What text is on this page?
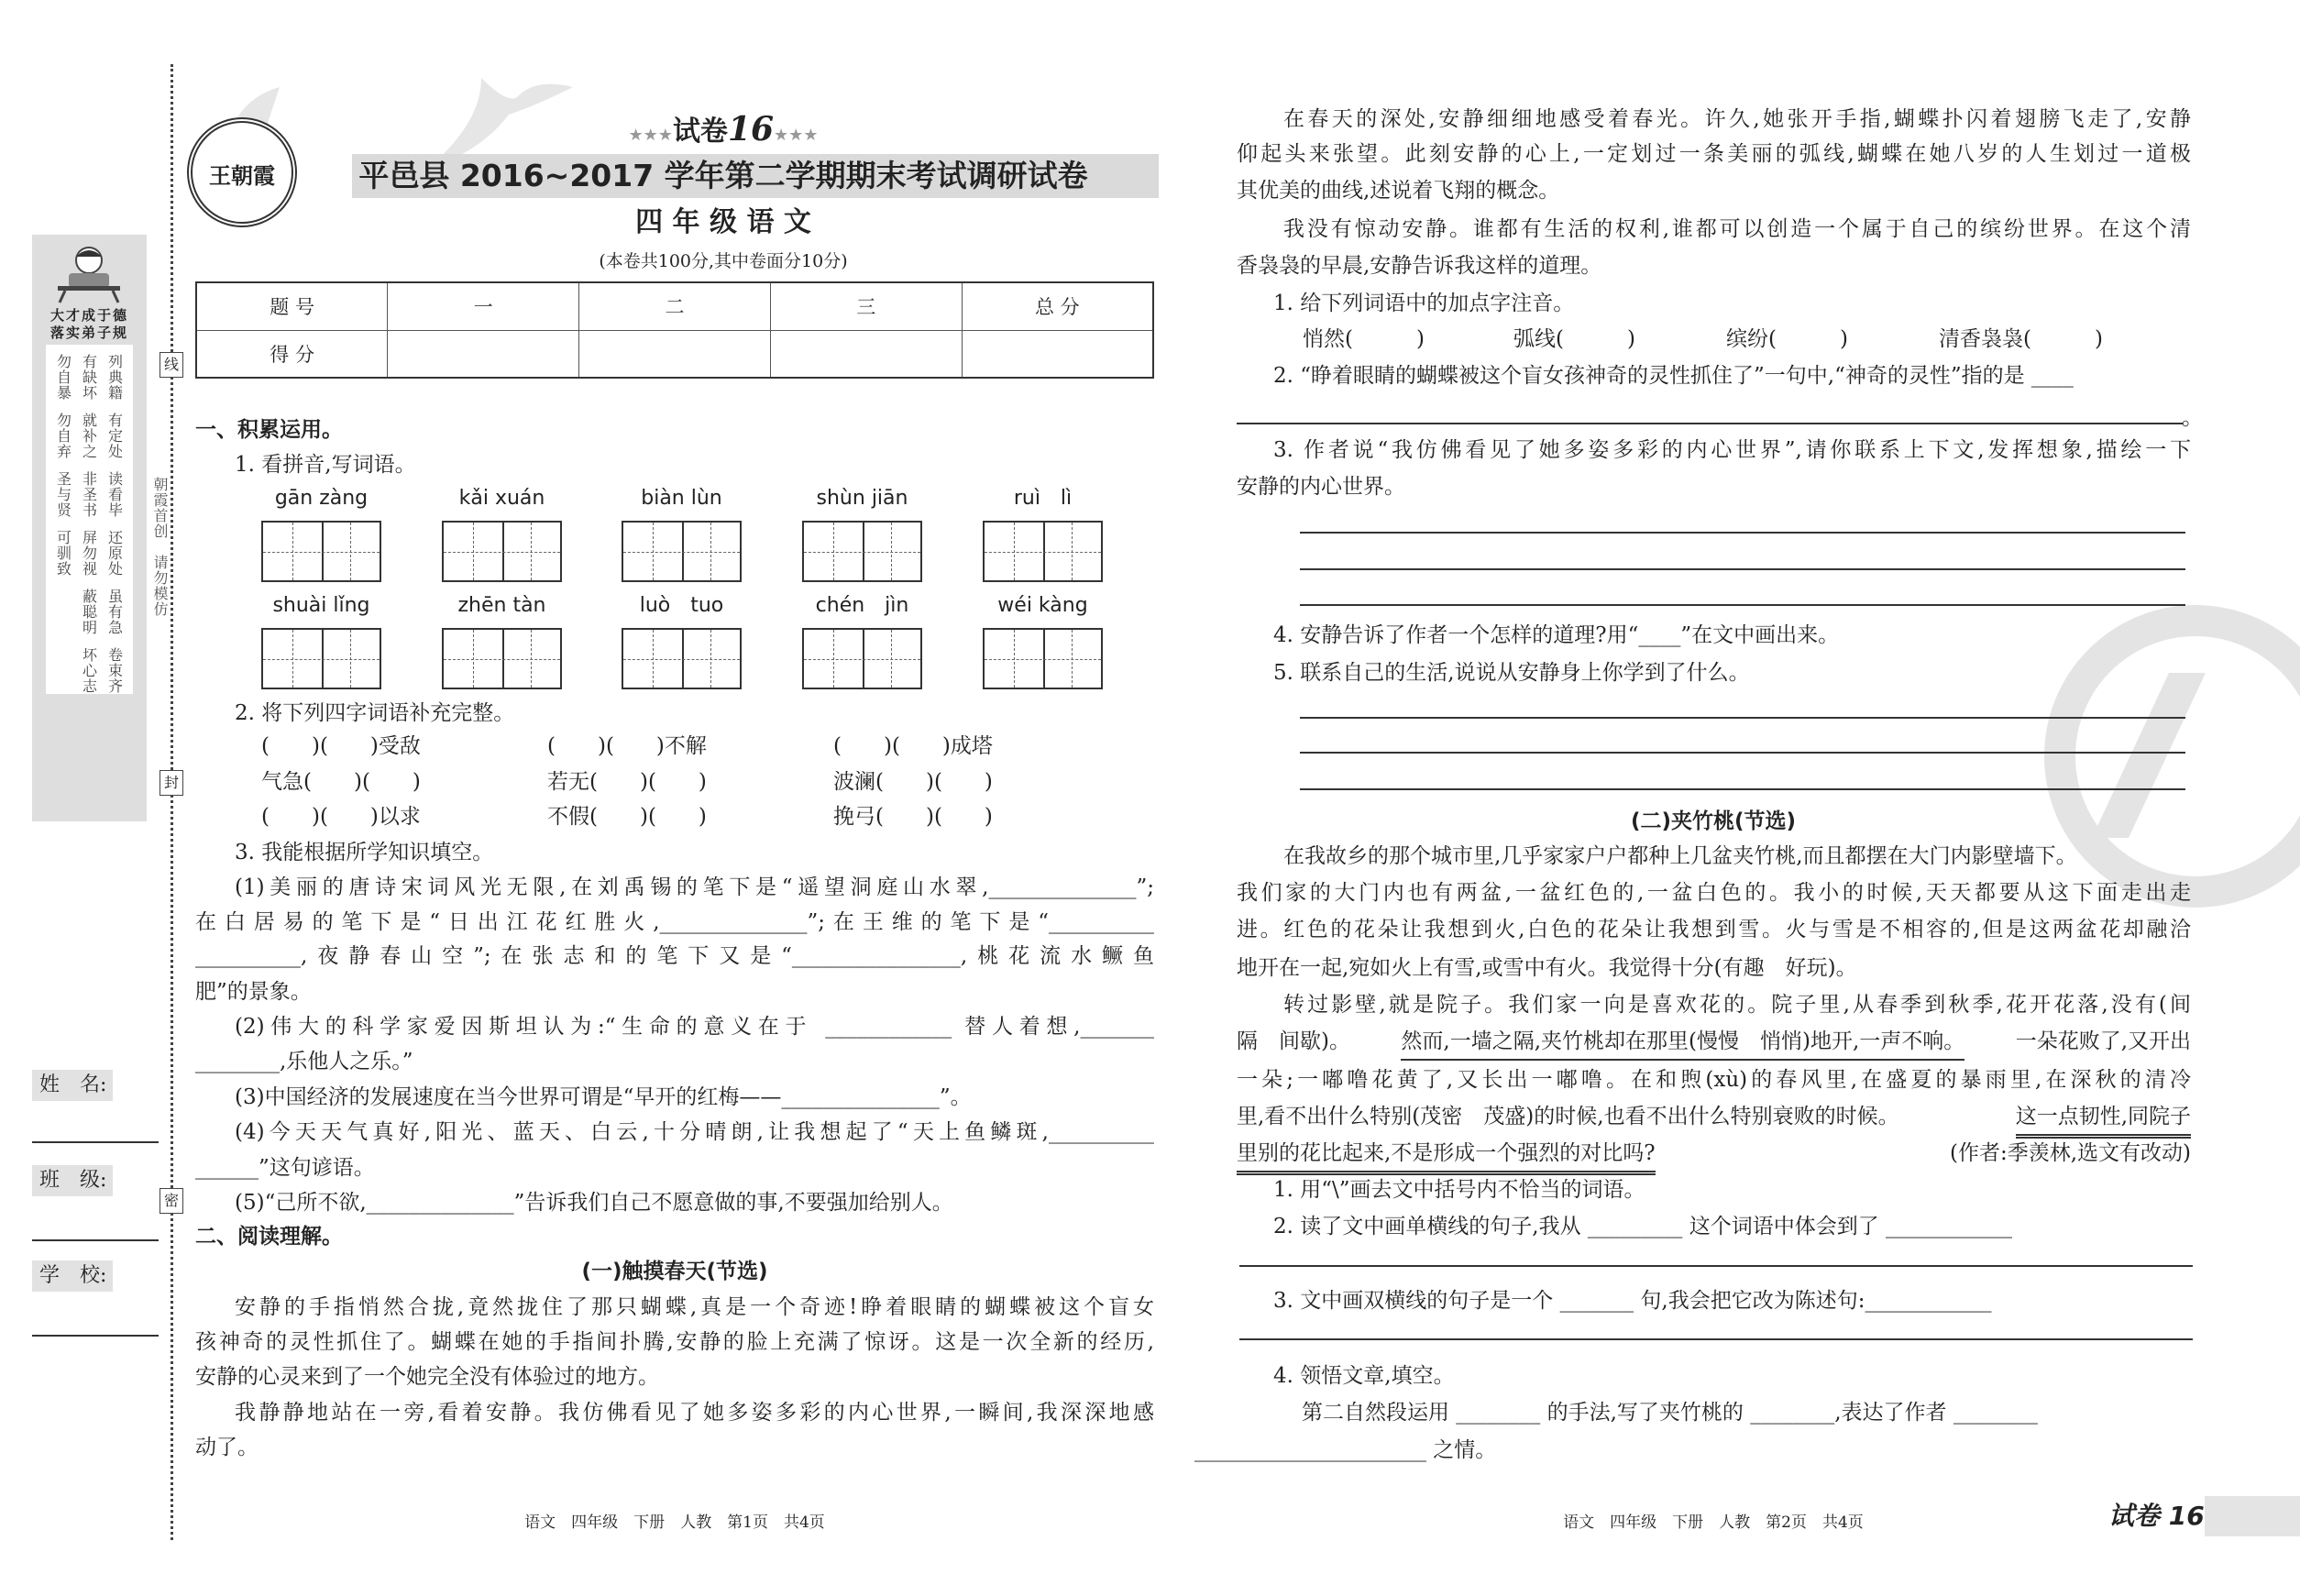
线
封
密
朝霞首创　请勿模仿
大才成于德
落实弟子规
勿自暴
勿自弃
圣与贤
可驯致
有缺坏
就补之
非圣书
屏勿视
蔽聪明
坏心志
列典籍
有定处
读看毕
还原处
虽有急
卷束齐
姓　名:
班　级:
学　校:
王朝霞
★★★试卷16★★★
平邑县 2016~2017 学年第二学期期末考试调研试卷
四 年 级 语 文
(本卷共100分,其中卷面分10分)
题 号	一	二	三	总 分
得 分				
一、积累运用。
1. 看拼音,写词语。
gān zàng	kǎi xuán	biàn lùn	shùn jiān	ruì　lì
shuài lǐng	zhēn tàn	luò　tuo	chén　jìn	wéi kàng
2. 将下列四字词语补充完整。
(　　)(　　)受敌	(　　)(　　)不解	(　　)(　　)成塔
气急(　　)(　　)	若无(　　)(　　)	波澜(　　)(　　)
(　　)(　　)以求	不假(　　)(　　)	挽弓(　　)(　　)
3. 我能根据所学知识填空。
(1)美丽的唐诗宋词风光无限,在刘禹锡的笔下是“遥望洞庭山水翠,______________”;
在白居易的笔下是“日出江花红胜火,______________”;在王维的笔下是“__________
__________,夜静春山空”;在张志和的笔下又是“________________,桃花流水鳜鱼
肥”的景象。
(2)伟大的科学家爱因斯坦认为:“生命的意义在于 ____________ 替人着想,_______
________,乐他人之乐。”
(3)中国经济的发展速度在当今世界可谓是“早开的红梅——_______________”。
(4)今天天气真好,阳光、蓝天、白云,十分晴朗,让我想起了“天上鱼鳞斑,__________
______”这句谚语。
(5)“己所不欲,______________”告诉我们自己不愿意做的事,不要强加给别人。
二、阅读理解。
(一)触摸春天(节选)
安静的手指悄然合拢,竟然拢住了那只蝴蝶,真是一个奇迹!睁着眼睛的蝴蝶被这个盲女
孩神奇的灵性抓住了。蝴蝶在她的手指间扑腾,安静的脸上充满了惊讶。这是一次全新的经历,
安静的心灵来到了一个她完全没有体验过的地方。
我静静地站在一旁,看着安静。我仿佛看见了她多姿多彩的内心世界,一瞬间,我深深地感
动了。
语文　四年级　下册　人教　第1页　共4页
在春天的深处,安静细细地感受着春光。许久,她张开手指,蝴蝶扑闪着翅膀飞走了,安静
仰起头来张望。此刻安静的心上,一定划过一条美丽的弧线,蝴蝶在她八岁的人生划过一道极
其优美的曲线,述说着飞翔的概念。
我没有惊动安静。谁都有生活的权利,谁都可以创造一个属于自己的缤纷世界。在这个清
香袅袅的早晨,安静告诉我这样的道理。
1. 给下列词语中的加点字注音。
悄然(　　　)	弧线(　　　)	缤纷(　　　)	清香袅袅(　　　)
2. “睁着眼睛的蝴蝶被这个盲女孩神奇的灵性抓住了”一句中,“神奇的灵性”指的是 ____
。
3. 作者说“我仿佛看见了她多姿多彩的内心世界”,请你联系上下文,发挥想象,描绘一下
安静的内心世界。
4. 安静告诉了作者一个怎样的道理?用“____”在文中画出来。
5. 联系自己的生活,说说从安静身上你学到了什么。
(二)夹竹桃(节选)
在我故乡的那个城市里,几乎家家户户都种上几盆夹竹桃,而且都摆在大门内影壁墙下。
我们家的大门内也有两盆,一盆红色的,一盆白色的。我小的时候,天天都要从这下面走出走
进。红色的花朵让我想到火,白色的花朵让我想到雪。火与雪是不相容的,但是这两盆花却融洽
地开在一起,宛如火上有雪,或雪中有火。我觉得十分(有趣　好玩)。
转过影壁,就是院子。我们家一向是喜欢花的。院子里,从春季到秋季,花开花落,没有(间
隔　间歇)。 然而,一墙之隔,夹竹桃却在那里(慢慢　悄悄)地开,一声不响。 一朵花败了,又开出
一朵;一嘟噜花黄了,又长出一嘟噜。在和煦(xù)的春风里,在盛夏的暴雨里,在深秋的清冷
里,看不出什么特别(茂密　茂盛)的时候,也看不出什么特别衰败的时候。	这一点韧性,同院子
里别的花比起来,不是形成一个强烈的对比吗?	(作者:季羡林,选文有改动)
1. 用“\”画去文中括号内不恰当的词语。
2. 读了文中画单横线的句子,我从 _________ 这个词语中体会到了 ____________
3. 文中画双横线的句子是一个 _______ 句,我会把它改为陈述句:____________
4. 领悟文章,填空。
第二自然段运用 ________ 的手法,写了夹竹桃的 ________,表达了作者 ________
______________________ 之情。
语文　四年级　下册　人教　第2页　共4页	试卷 16
